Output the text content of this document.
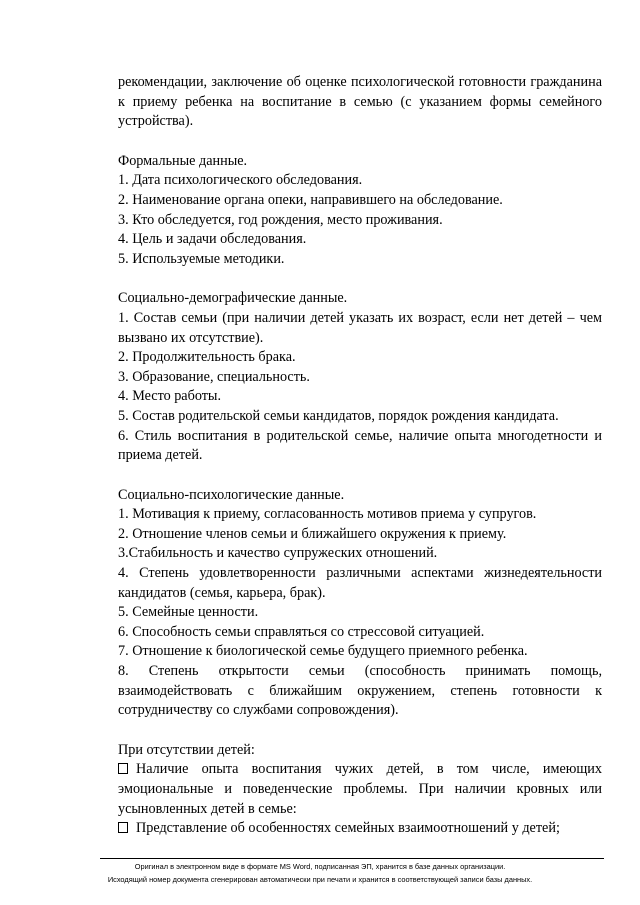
рекомендации, заключение об оценке психологической готовности гражданина к приему ребенка на воспитание в семью (с указанием формы семейного устройства).

Формальные данные.

1. Дата психологического обследования.

2. Наименование органа опеки, направившего на обследование.

3. Кто обследуется, год рождения, место проживания.

4. Цель и задачи обследования.

5. Используемые методики.

Социально-демографические данные.

1. Состав семьи (при наличии детей указать их возраст, если нет детей – чем вызвано их отсутствие).

2. Продолжительность брака.

3. Образование, специальность.

4. Место работы.

5. Состав родительской семьи кандидатов, порядок рождения кандидата.

6. Стиль воспитания в родительской семье, наличие опыта многодетности и приема детей.

Социально-психологические данные.

1. Мотивация к приему, согласованность мотивов приема у супругов.

2. Отношение членов семьи и ближайшего окружения к приему.

3.Стабильность и качество супружеских отношений.

4. Степень удовлетворенности различными аспектами жизнедеятельности кандидатов (семья, карьера, брак).

5. Семейные ценности.

6. Способность семьи справляться со стрессовой ситуацией.

7. Отношение к биологической семье будущего приемного ребенка.

8. Степень открытости семьи (способность принимать помощь, взаимодействовать с ближайшим окружением, степень готовности к сотрудничеству со службами сопровождения).

При отсутствии детей:

Наличие опыта воспитания чужих детей, в том числе, имеющих эмоциональные и поведенческие проблемы. При наличии кровных или усыновленных детей в семье:

Представление об особенностях семейных взаимоотношений у детей;

Оригинал в электронном виде в формате MS Word, подписанная ЭП, хранится в базе данных организации.
Исходящий номер документа сгенерирован автоматически при печати и хранится в соответствующей записи базы данных.
